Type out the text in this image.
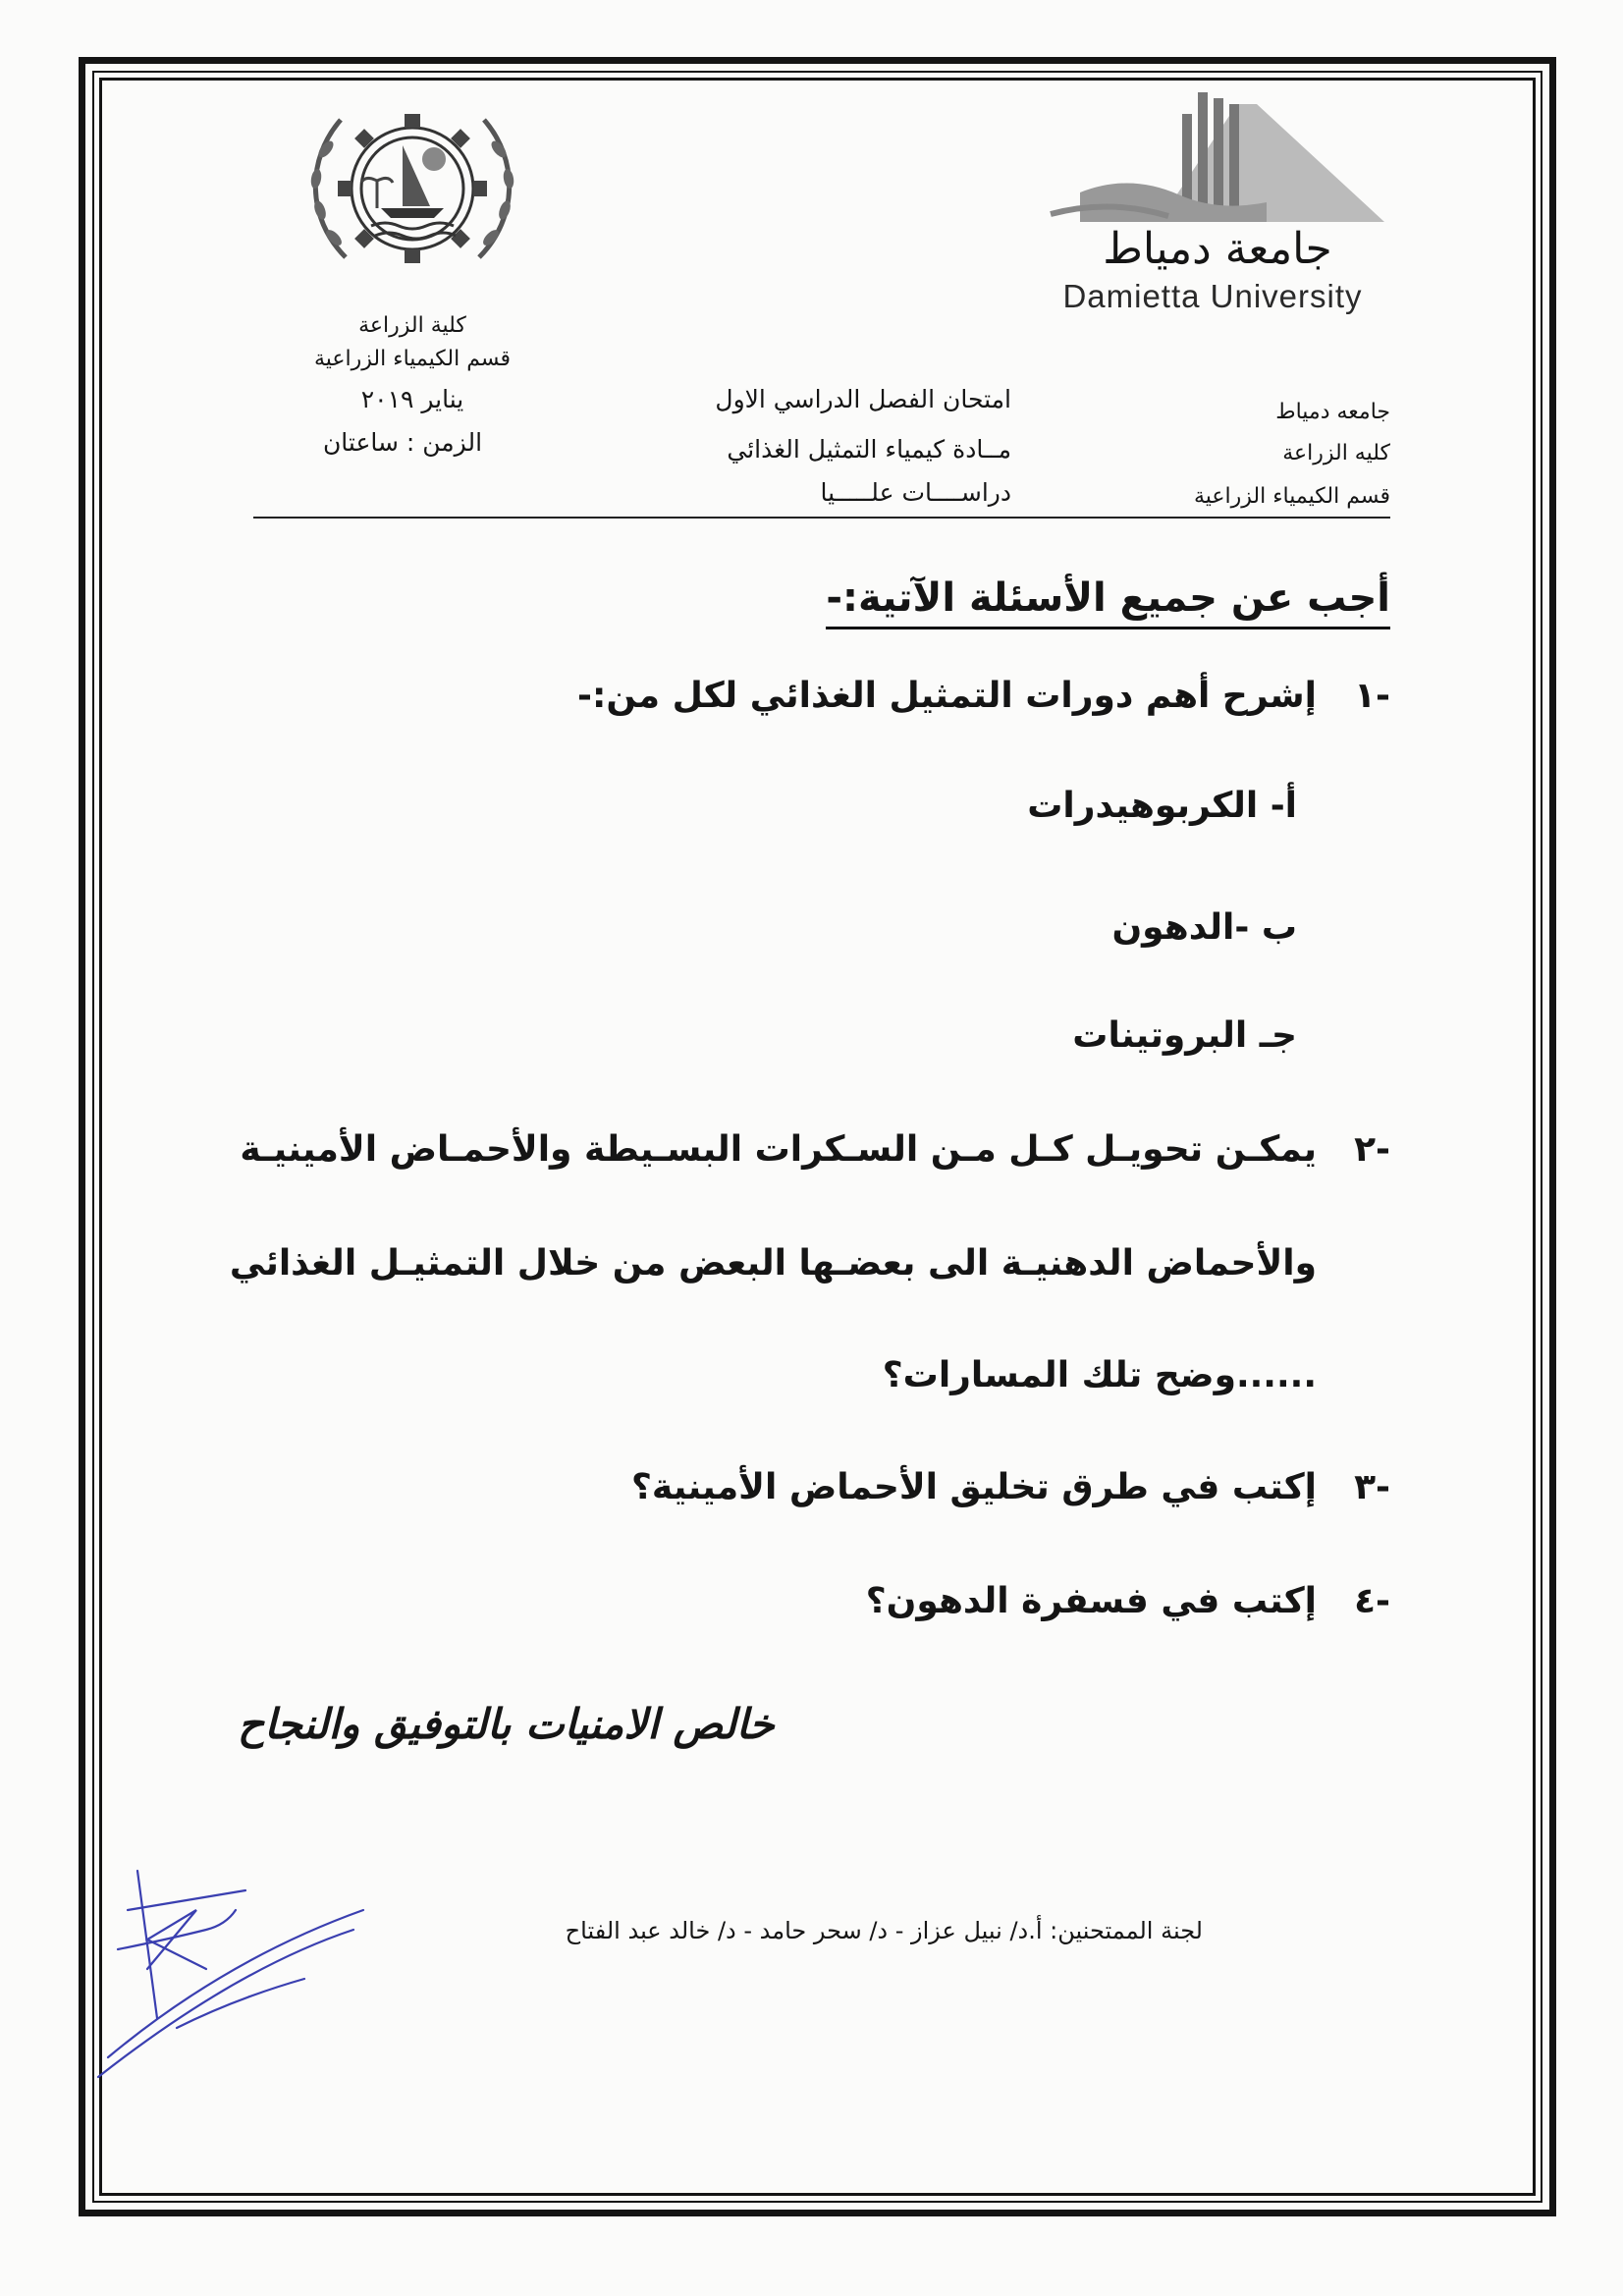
جامعة دمياط
Damietta University
كلية الزراعة
قسم الكيمياء الزراعية
يناير ٢٠١٩
الزمن : ساعتان
امتحان الفصل الدراسي الاول
مــادة كيمياء التمثيل الغذائي
دراســــات علـــــيا
جامعه دمياط
كليه الزراعة
قسم الكيمياء الزراعية
أجب عن جميع الأسئلة الآتية:-
١-
إشرح أهم دورات التمثيل الغذائي لكل من:-
أ- الكربوهيدرات
ب -الدهون
جـ البروتينات
٢-
يمكـن تحويـل كـل مـن السـكرات البسـيطة والأحمـاض الأمينيـة
والأحماض الدهنيـة الى بعضـها البعض من خلال التمثيـل الغذائي
......وضح تلك المسارات؟
٣-
إكتب في طرق تخليق الأحماض الأمينية؟
٤-
إكتب في فسفرة الدهون؟
خالص الامنيات بالتوفيق والنجاح
لجنة الممتحنين: أ.د/ نبيل عزاز - د/ سحر حامد - د/ خالد عبد الفتاح
